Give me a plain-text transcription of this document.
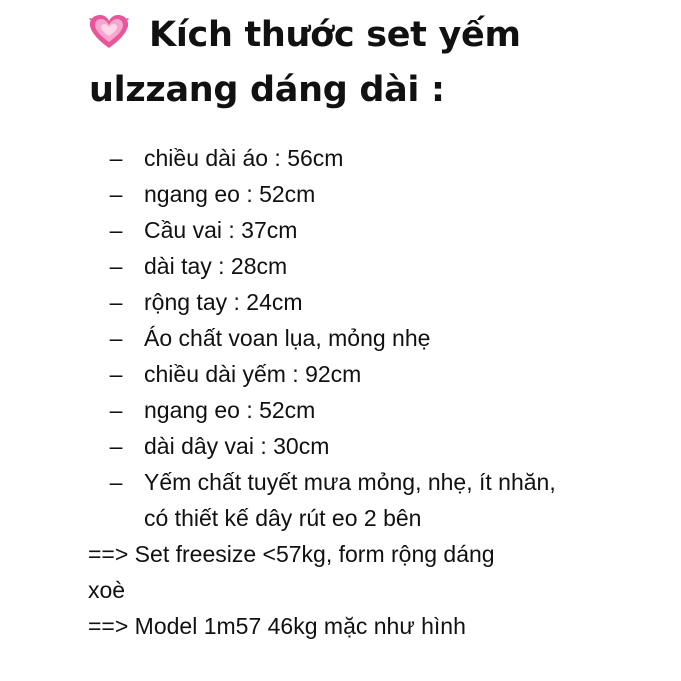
Kích thước set yếm
ulzzang dáng dài :
– chiều dài áo : 56cm
– ngang eo : 52cm
– Cầu vai : 37cm
– dài tay : 28cm
– rộng tay : 24cm
– Áo chất voan lụa, mỏng nhẹ
– chiều dài yếm : 92cm
– ngang eo : 52cm
– dài dây vai : 30cm
– Yếm chất tuyết mưa mỏng, nhẹ, ít nhăn, có thiết kế dây rút eo 2 bên
==> Set freesize <57kg, form rộng dáng
xoè
==> Model 1m57 46kg mặc như hình
